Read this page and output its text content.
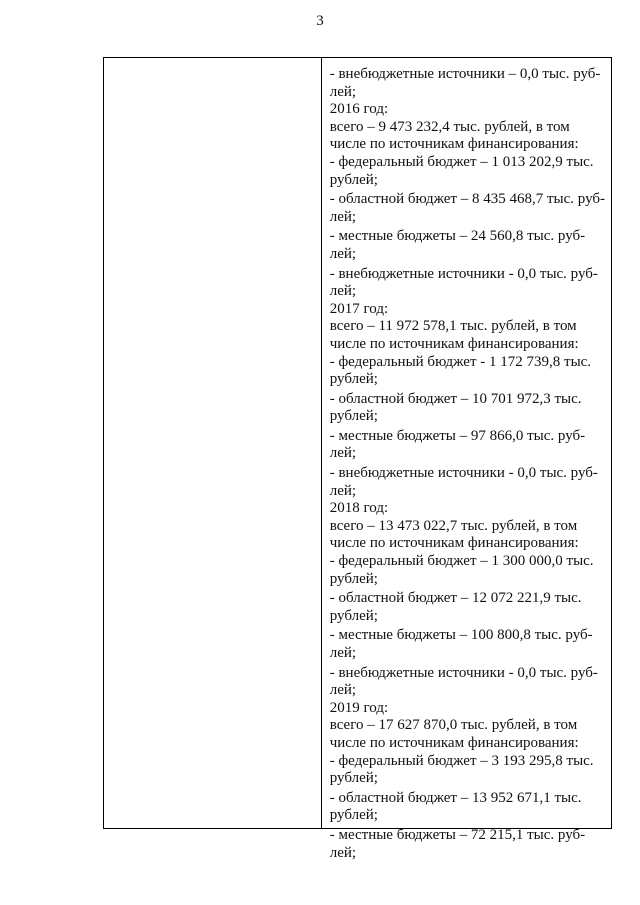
3
- внебюджетные источники – 0,0 тыс. руб-
лей;
2016 год:
всего – 9 473 232,4 тыс. рублей, в том
числе по источникам финансирования:
- федеральный бюджет – 1 013 202,9 тыс.
рублей;
- областной бюджет – 8 435 468,7 тыс. руб-
лей;
- местные бюджеты – 24 560,8 тыс. руб-
лей;
- внебюджетные источники - 0,0 тыс. руб-
лей;
2017 год:
всего – 11 972 578,1 тыс. рублей, в том
числе по источникам финансирования:
- федеральный бюджет - 1 172 739,8 тыс.
рублей;
- областной бюджет – 10 701 972,3 тыс.
рублей;
- местные бюджеты – 97 866,0 тыс. руб-
лей;
- внебюджетные источники - 0,0 тыс. руб-
лей;
2018 год:
всего – 13 473 022,7 тыс. рублей, в том
числе по источникам финансирования:
- федеральный бюджет – 1 300 000,0 тыс.
рублей;
- областной бюджет – 12 072 221,9 тыс.
рублей;
- местные бюджеты – 100 800,8 тыс. руб-
лей;
- внебюджетные источники - 0,0 тыс. руб-
лей;
2019 год:
всего – 17 627 870,0 тыс. рублей, в том
числе по источникам финансирования:
- федеральный бюджет – 3 193 295,8 тыс.
рублей;
- областной бюджет – 13 952 671,1 тыс.
рублей;
- местные бюджеты – 72 215,1 тыс. руб-
лей;
